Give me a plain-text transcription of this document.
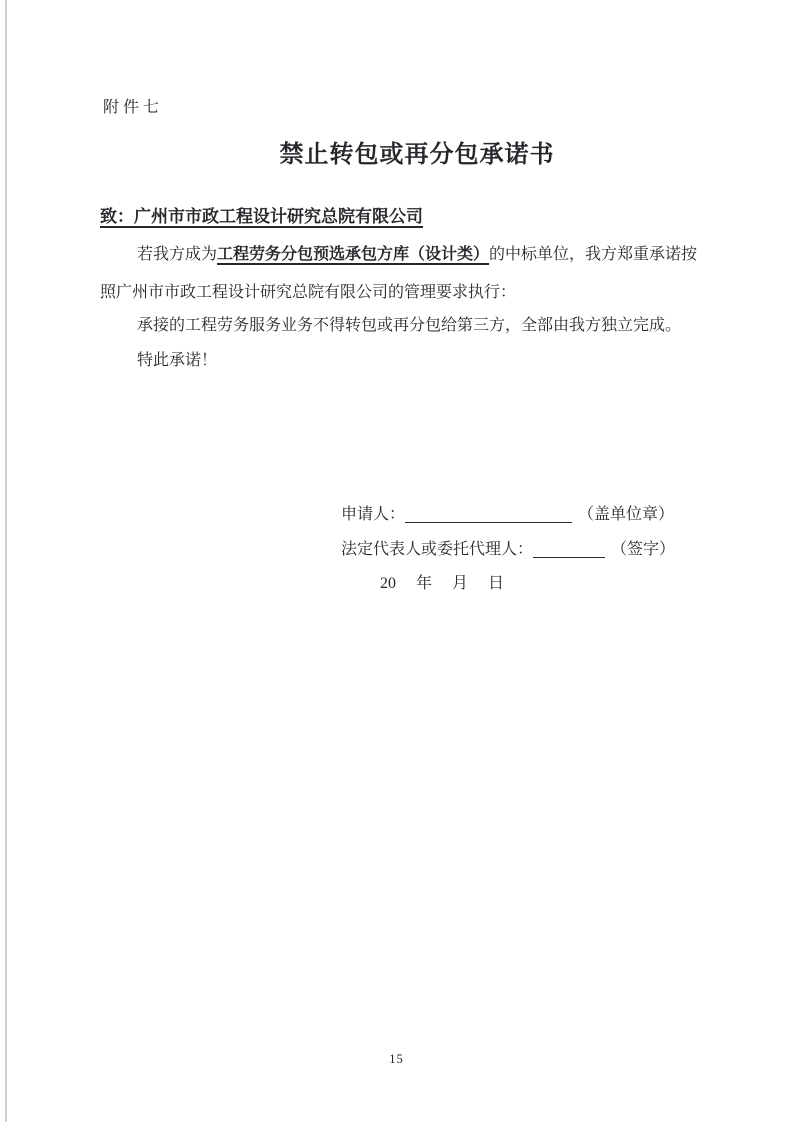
附件七
禁止转包或再分包承诺书
致：广州市市政工程设计研究总院有限公司
若我方成为工程劳务分包预选承包方库（设计类）的中标单位，我方郑重承诺按
照广州市市政工程设计研究总院有限公司的管理要求执行：
承接的工程劳务服务业务不得转包或再分包给第三方，全部由我方独立完成。
特此承诺！
申请人：	（盖单位章）
法定代表人或委托代理人：	（签字）
20 年 月 日
15
